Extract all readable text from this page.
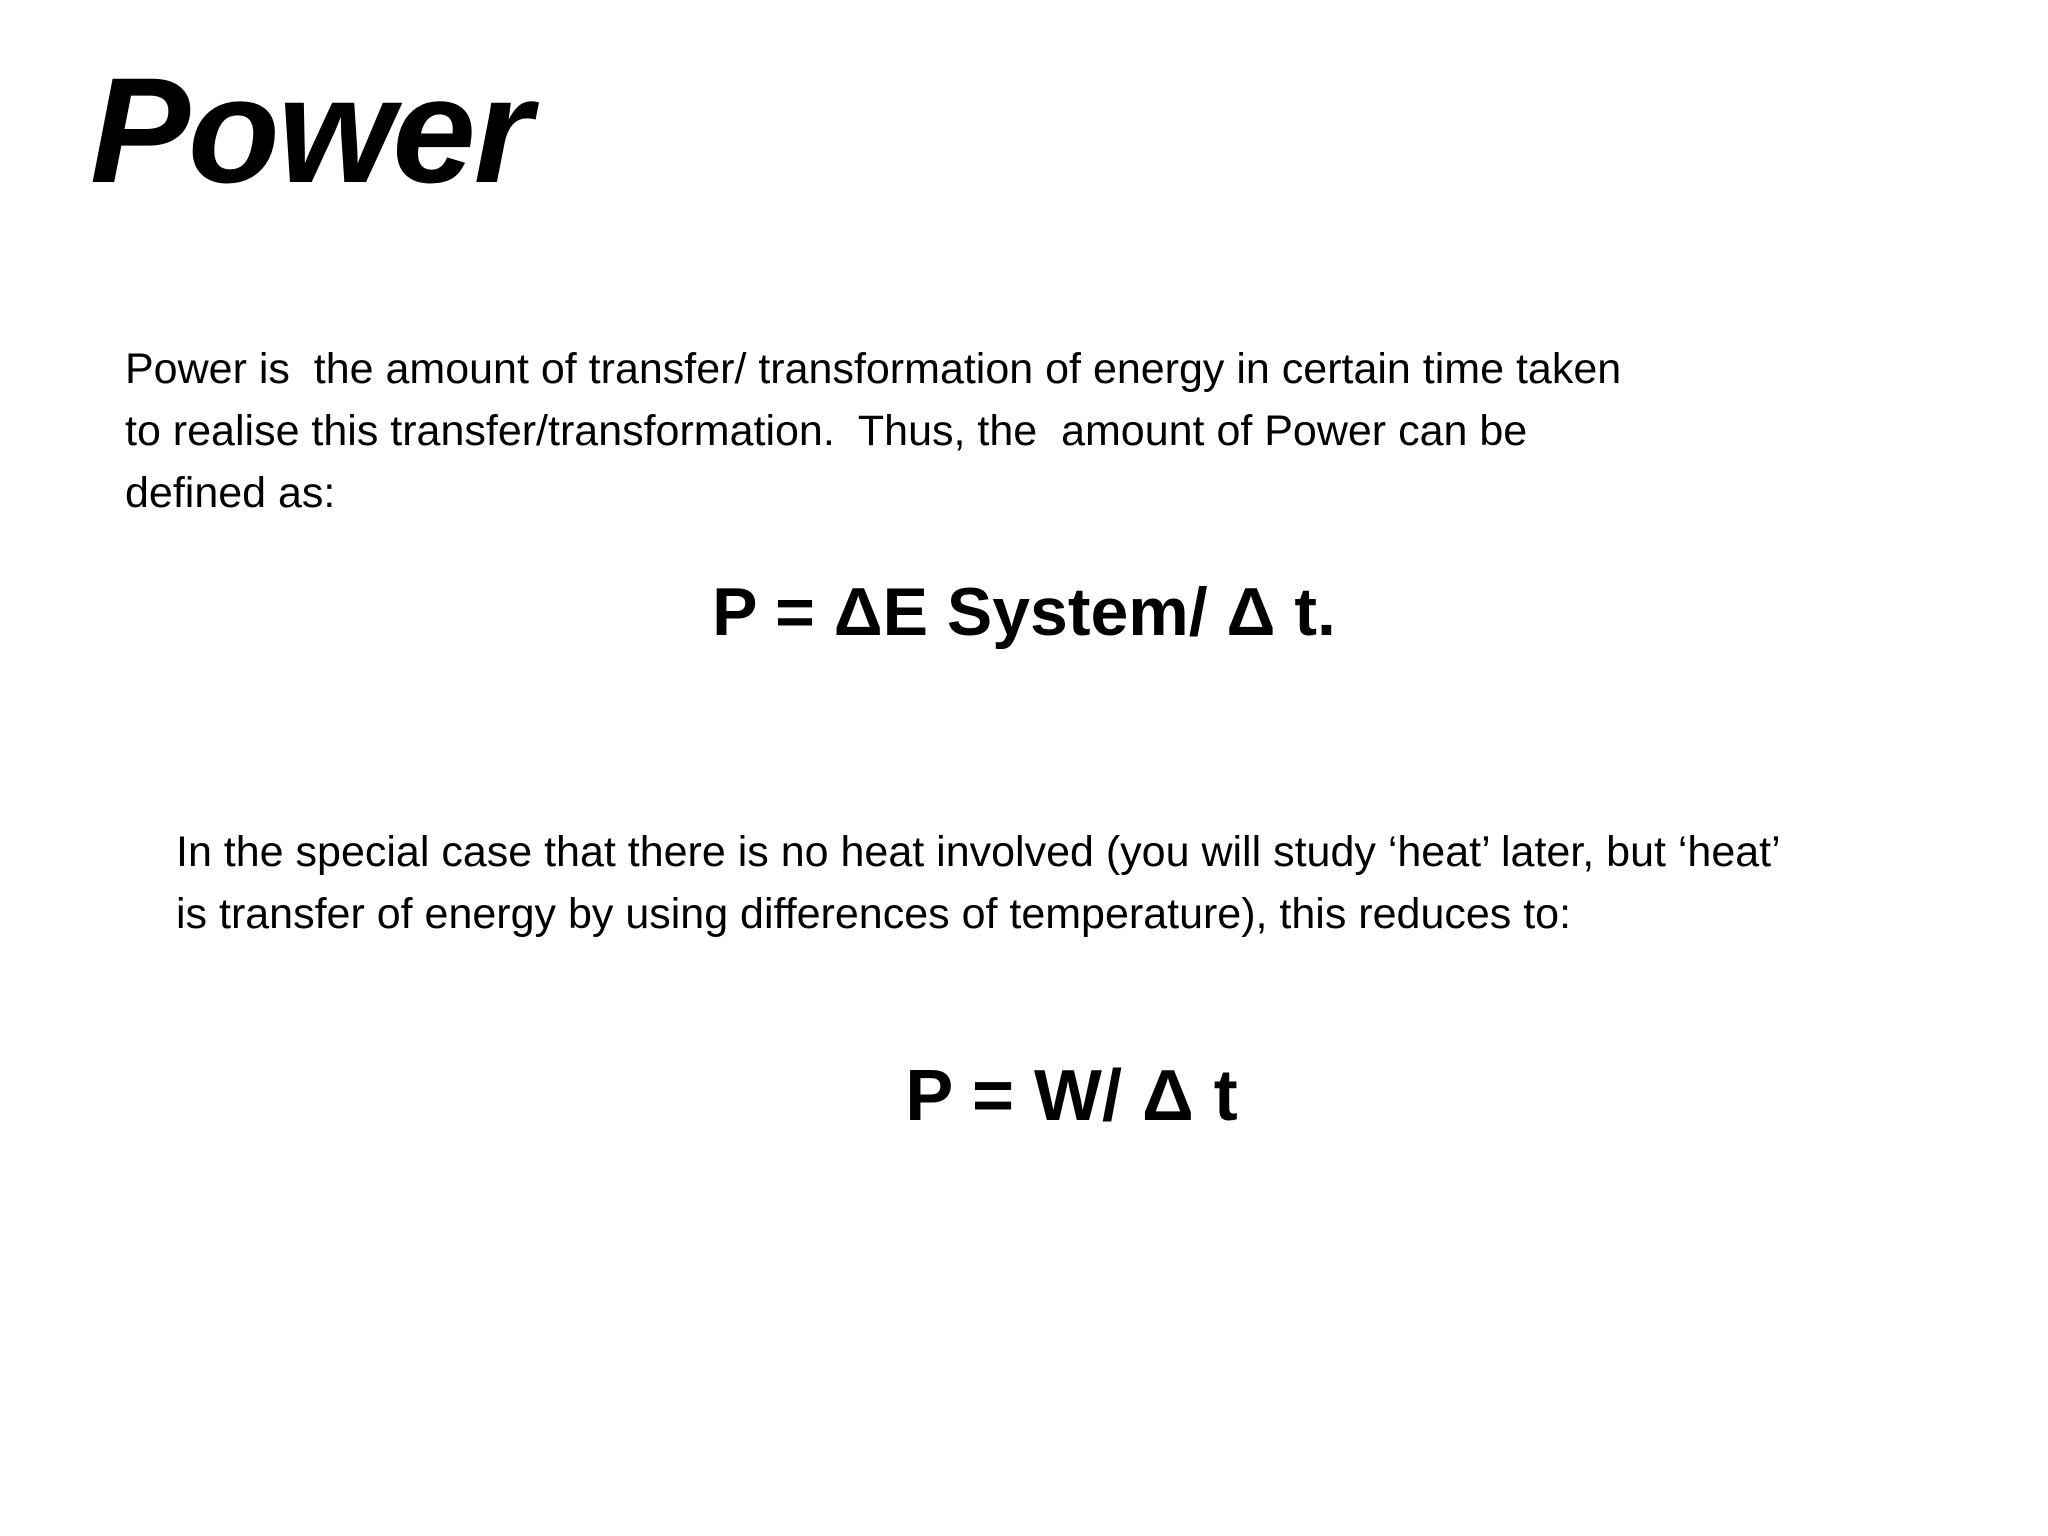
Power

Power is  the amount of transfer/ transformation of energy in certain time taken
to realise this transfer/transformation.  Thus, the  amount of Power can be
defined as:

P = ΔE System/ Δ t.

In the special case that there is no heat involved (you will study ‘heat’ later, but ‘heat’
is transfer of energy by using differences of temperature), this reduces to:

P = W/ Δ t
